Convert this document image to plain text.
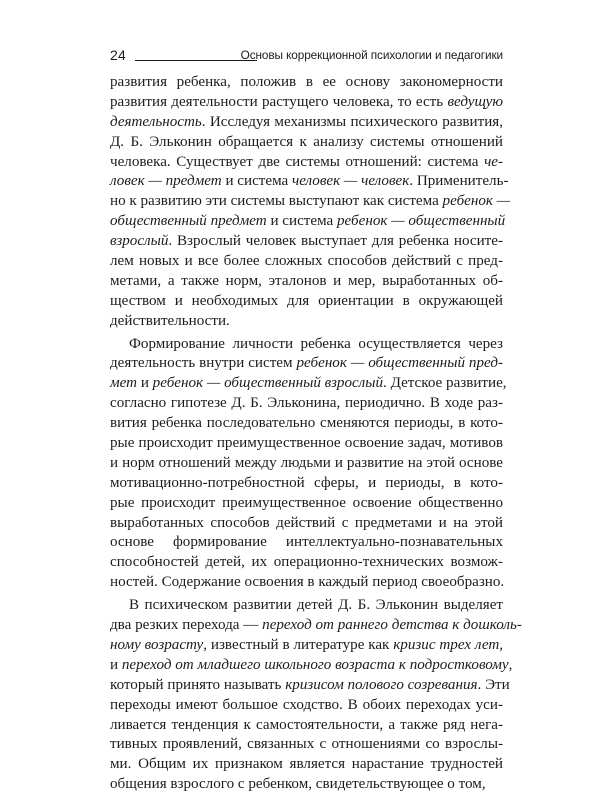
24	Основы коррекционной психологии и педагогики
развития ребенка, положив в ее основу закономерности
развития деятельности растущего человека, то есть ведущую
деятельность. Исследуя механизмы психического развития,
Д. Б. Эльконин обращается к анализу системы отношений
человека. Существует две системы отношений: система че-
ловек — предмет и система человек — человек. Применитель-
но к развитию эти системы выступают как система ребенок —
общественный предмет и система ребенок — общественный
взрослый. Взрослый человек выступает для ребенка носите-
лем новых и все более сложных способов действий с пред-
метами, а также норм, эталонов и мер, выработанных об-
ществом и необходимых для ориентации в окружающей
действительности.
Формирование личности ребенка осуществляется через
деятельность внутри систем ребенок — общественный пред-
мет и ребенок — общественный взрослый. Детское развитие,
согласно гипотезе Д. Б. Эльконина, периодично. В ходе раз-
вития ребенка последовательно сменяются периоды, в кото-
рые происходит преимущественное освоение задач, мотивов
и норм отношений между людьми и развитие на этой основе
мотивационно-потребностной сферы, и периоды, в кото-
рые происходит преимущественное освоение общественно
выработанных способов действий с предметами и на этой
основе формирование интеллектуально-познавательных
способностей детей, их операционно-технических возмож-
ностей. Содержание освоения в каждый период своеобразно.
В психическом развитии детей Д. Б. Эльконин выделяет
два резких перехода — переход от раннего детства к дошколь-
ному возрасту, известный в литературе как кризис трех лет,
и переход от младшего школьного возраста к подростковому,
который принято называть кризисом полового созревания. Эти
переходы имеют большое сходство. В обоих переходах уси-
ливается тенденция к самостоятельности, а также ряд нега-
тивных проявлений, связанных с отношениями со взрослы-
ми. Общим их признаком является нарастание трудностей
общения взрослого с ребенком, свидетельствующее о том,
